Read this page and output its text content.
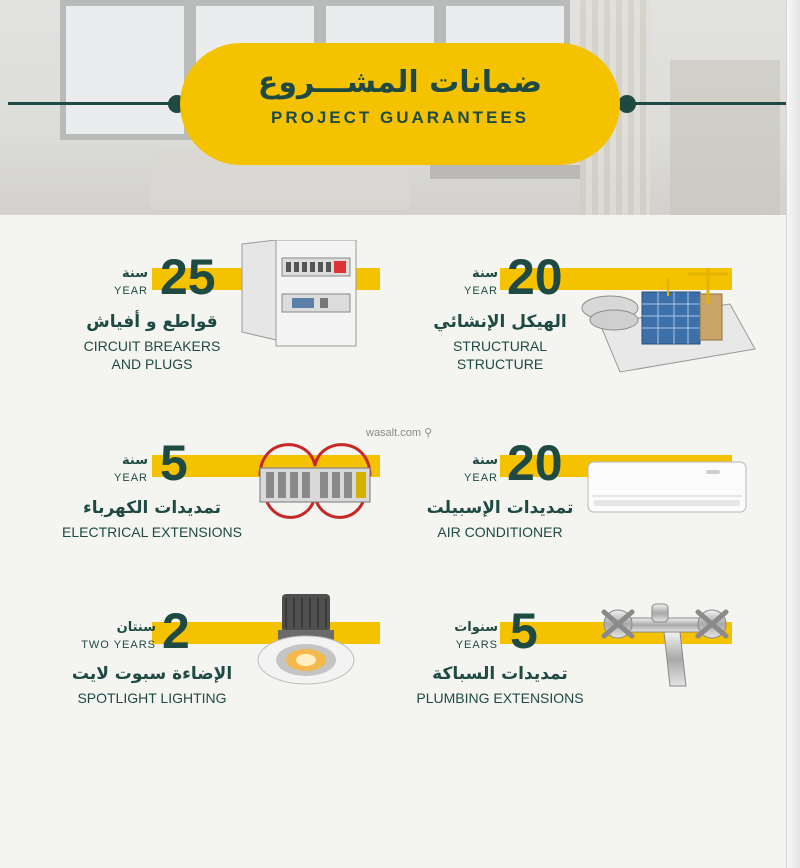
ضمانات المشـــروع
PROJECT GUARANTEES
wasalt.com ⚲
20
سنة
YEAR
الهيكل الإنشائي
STRUCTURAL
STRUCTURE
25
سنة
YEAR
قواطع و أفياش
CIRCUIT BREAKERS
AND PLUGS
20
سنة
YEAR
تمديدات الإسبيلت
AIR CONDITIONER
5
سنة
YEAR
تمديدات الكهرباء
ELECTRICAL EXTENSIONS
5
سنوات
YEARS
تمديدات السباكة
PLUMBING EXTENSIONS
2
سنتان
TWO YEARS
الإضاءة سبوت لايت
SPOTLIGHT LIGHTING
